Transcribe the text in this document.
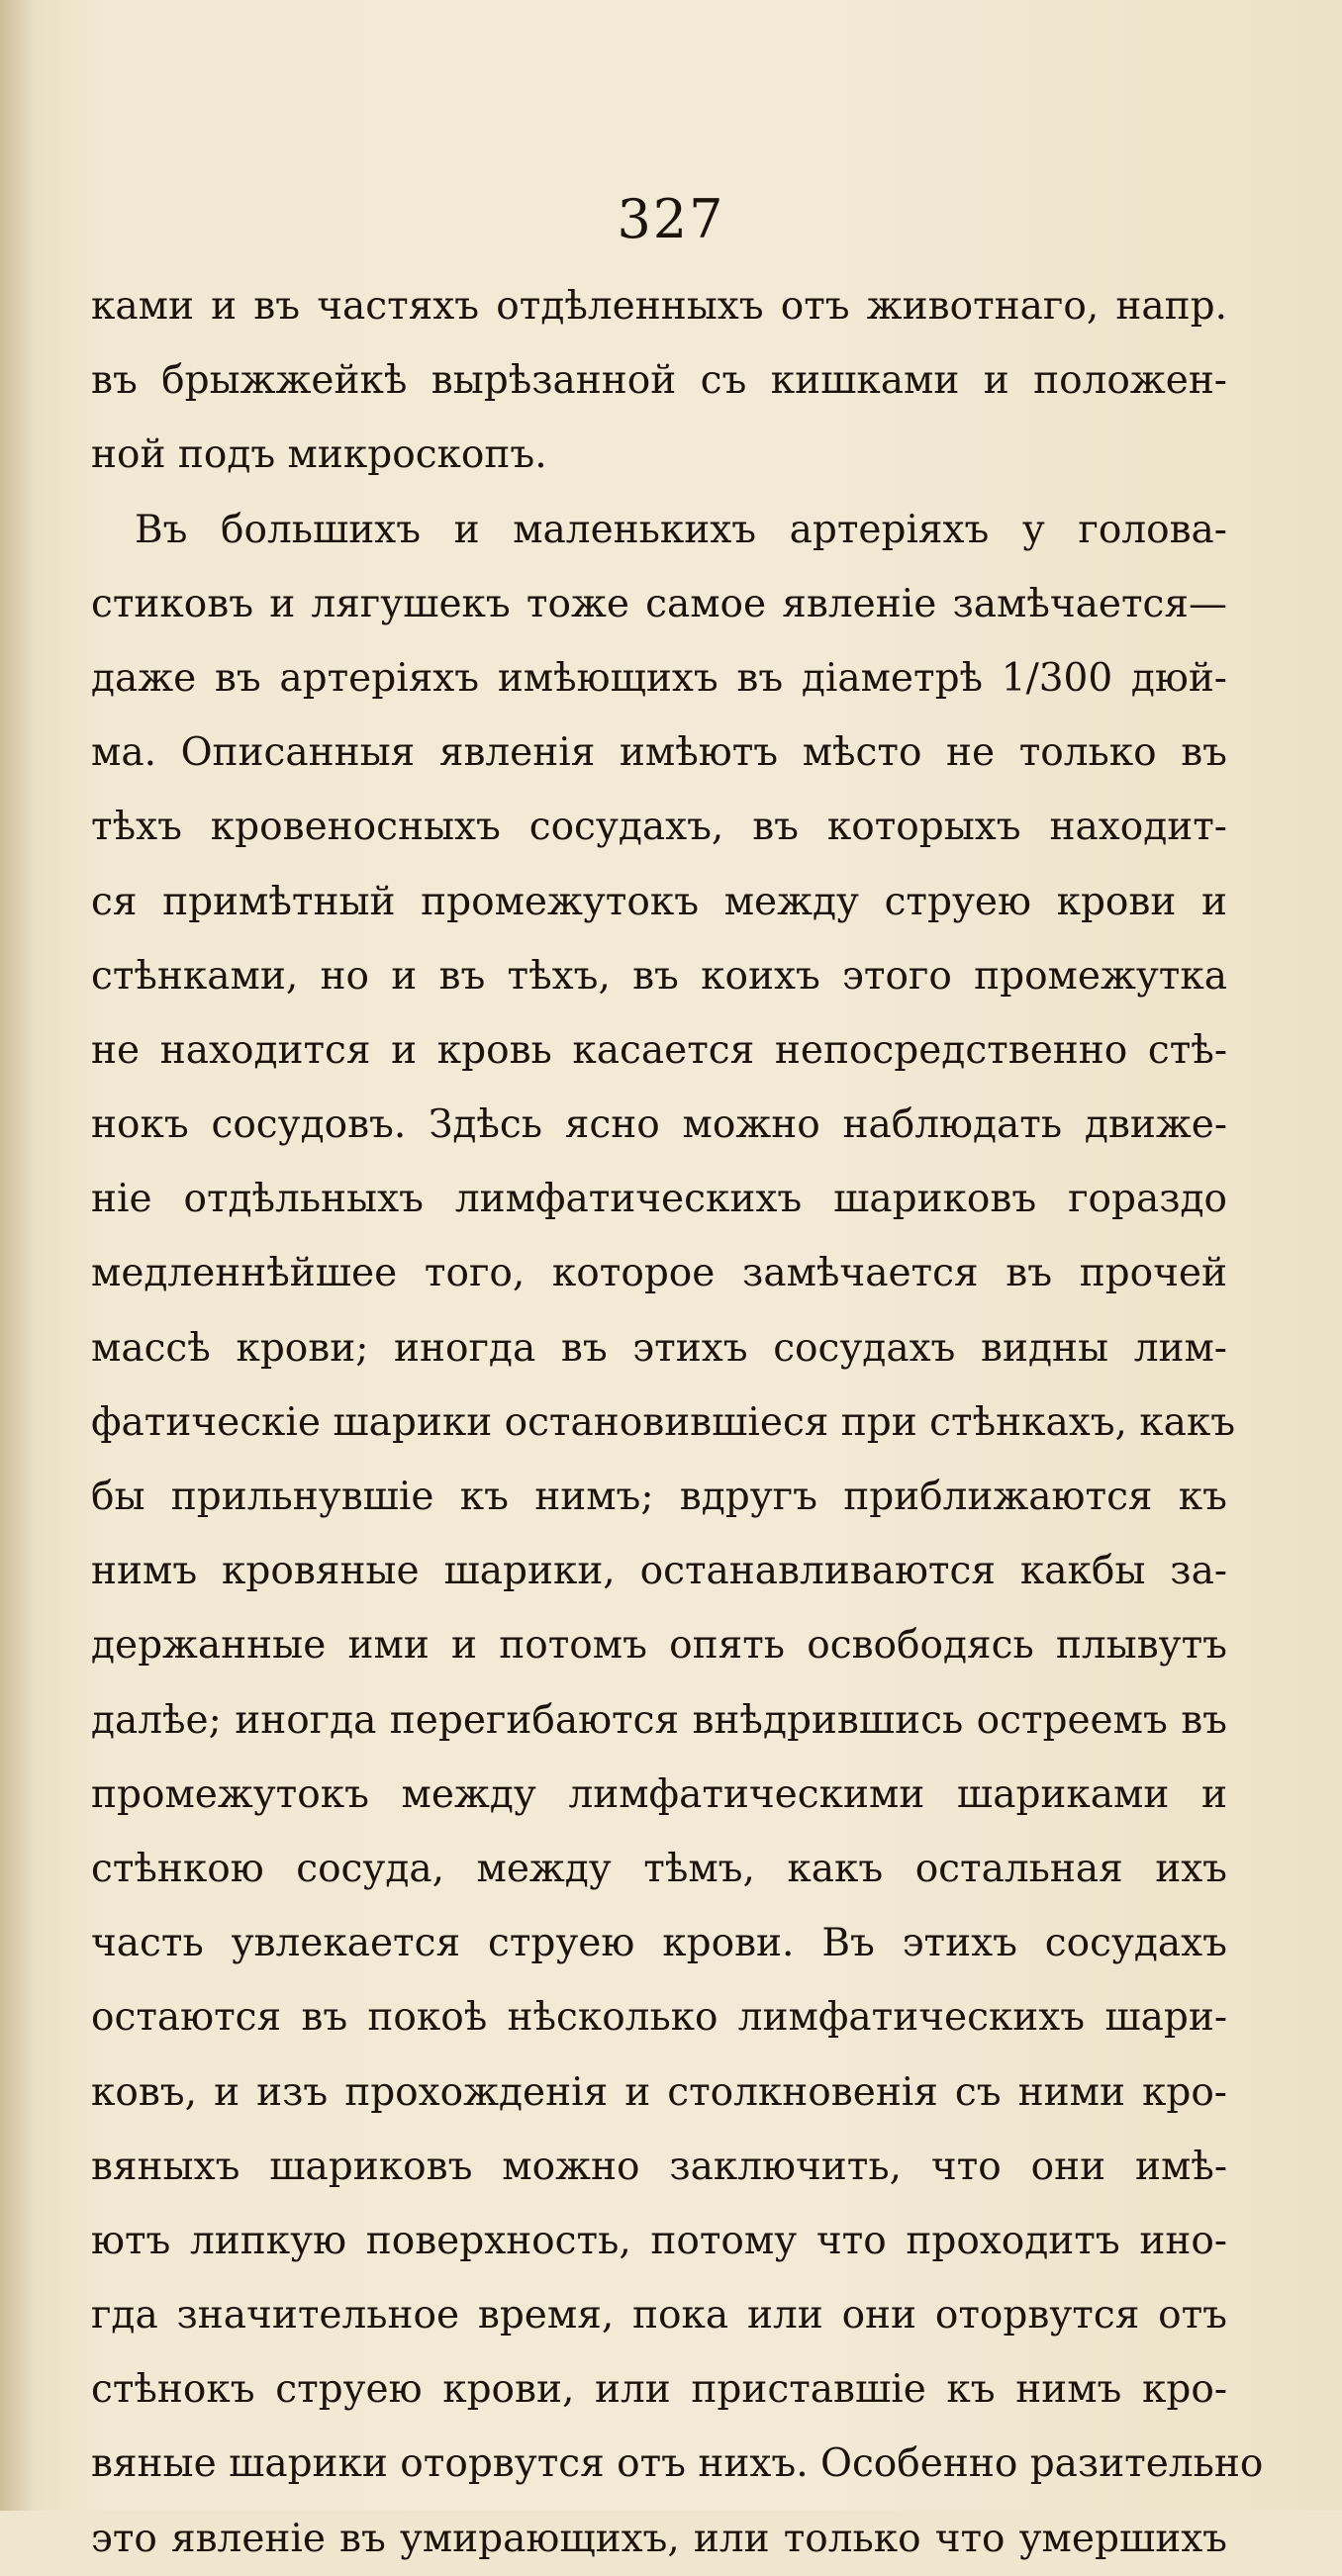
327
ками и въ частяхъ отдѣленныхъ отъ животнаго, напр.
въ брыжжейкѣ вырѣзанной съ кишками и положен-
ной подъ микроскопъ.
Въ большихъ и маленькихъ артеріяхъ у голова-
стиковъ и лягушекъ тоже самое явленіе замѣчается—
даже въ артеріяхъ имѣющихъ въ діаметрѣ 1/300 дюй-
ма. Описанныя явленія имѣютъ мѣсто не только въ
тѣхъ кровеносныхъ сосудахъ, въ которыхъ находит-
ся примѣтный промежутокъ между струею крови и
стѣнками, но и въ тѣхъ, въ коихъ этого промежутка
не находится и кровь касается непосредственно стѣ-
нокъ сосудовъ. Здѣсь ясно можно наблюдать движе-
ніе отдѣльныхъ лимфатическихъ шариковъ гораздо
медленнѣйшее того, которое замѣчается въ прочей
массѣ крови; иногда въ этихъ сосудахъ видны лим-
фатическіе шарики остановившіеся при стѣнкахъ, какъ
бы прильнувшіе къ нимъ; вдругъ приближаются къ
нимъ кровяные шарики, останавливаются какбы за-
держанные ими и потомъ опять освободясь плывутъ
далѣе; иногда перегибаются внѣдрившись остреемъ въ
промежутокъ между лимфатическими шариками и
стѣнкою сосуда, между тѣмъ, какъ остальная ихъ
часть увлекается струею крови. Въ этихъ сосудахъ
остаются въ покоѣ нѣсколько лимфатическихъ шари-
ковъ, и изъ прохожденія и столкновенія съ ними кро-
вяныхъ шариковъ можно заключить, что они имѣ-
ютъ липкую поверхность, потому что проходитъ ино-
гда значительное время, пока или они оторвутся отъ
стѣнокъ струею крови, или приставшіе къ нимъ кро-
вяные шарики оторвутся отъ нихъ. Особенно разительно
это явленіе въ умирающихъ, или только что умершихъ
